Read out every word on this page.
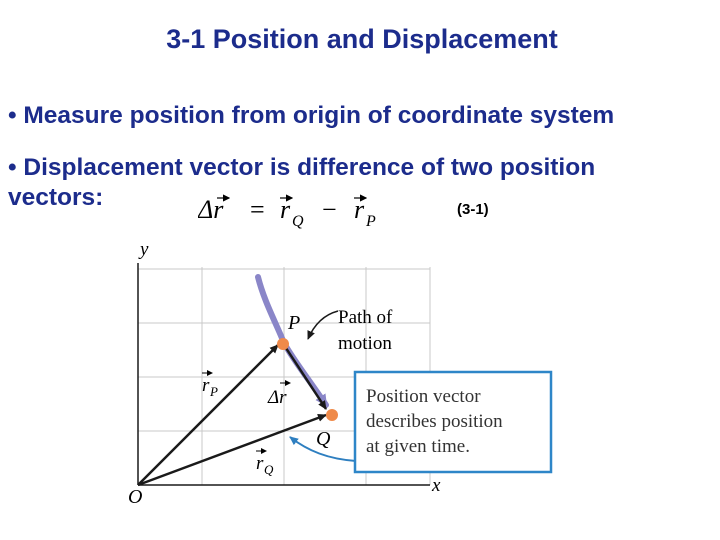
3-1 Position and Displacement
• Measure position from origin of coordinate system
• Displacement vector is difference of two position
vectors:	Δr = r Q − r P
(3-1)
y
x
O
P
Q
Path of
motion
r P
r Q
Δr	Position vector
describes position
at given time.
